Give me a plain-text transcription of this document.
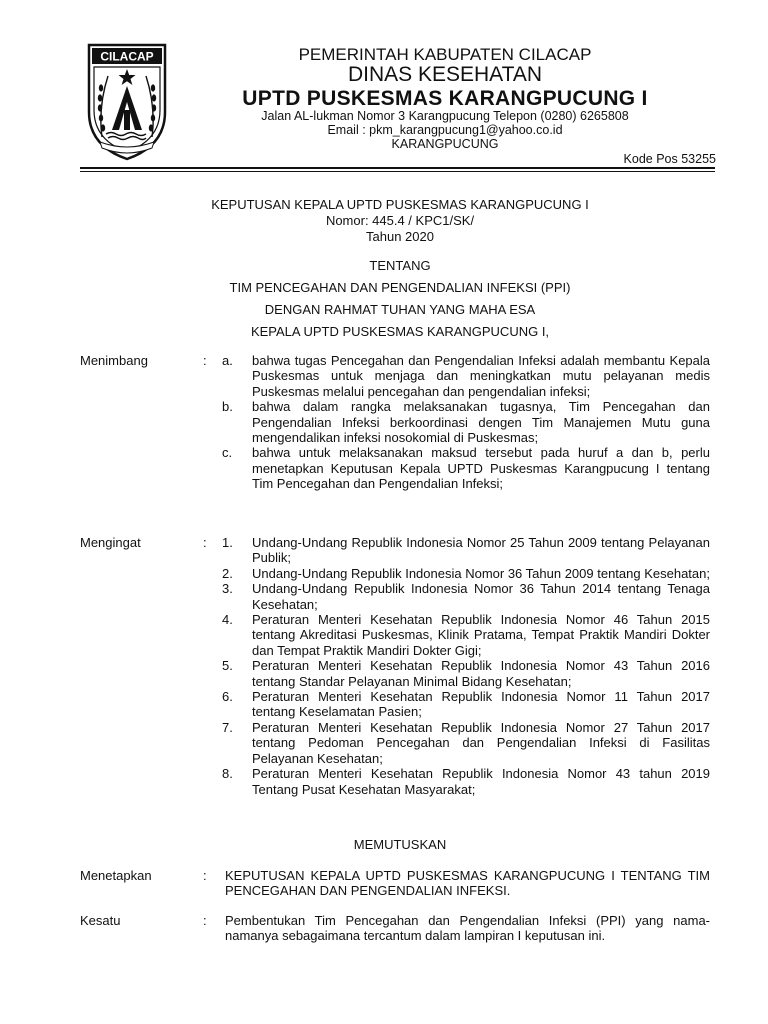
CILACAP	PEMERINTAH KABUPATEN CILACAP
DINAS KESEHATAN
UPTD PUSKESMAS KARANGPUCUNG I
Jalan AL-lukman Nomor 3 Karangpucung Telepon (0280) 6265808
Email : pkm_karangpucung1@yahoo.co.id
KARANGPUCUNG
Kode Pos 53255
KEPUTUSAN KEPALA UPTD PUSKESMAS KARANGPUCUNG I
Nomor: 445.4 / KPC1/SK/
Tahun 2020
TENTANG
TIM PENCEGAHAN DAN PENGENDALIAN INFEKSI (PPI)
DENGAN RAHMAT TUHAN YANG MAHA ESA
KEPALA UPTD PUSKESMAS KARANGPUCUNG I,
Menimbang	: a.	bahwa tugas Pencegahan dan Pengendalian Infeksi adalah membantu Kepala Puskesmas untuk menjaga dan meningkatkan mutu pelayanan medis Puskesmas melalui pencegahan dan pengendalian infeksi;
b.	bahwa dalam rangka melaksanakan tugasnya, Tim Pencegahan dan Pengendalian Infeksi berkoordinasi dengen Tim Manajemen Mutu guna mengendalikan infeksi nosokomial di Puskesmas;
c.	bahwa untuk melaksanakan maksud tersebut pada huruf a dan b, perlu menetapkan Keputusan Kepala UPTD Puskesmas Karangpucung I tentang Tim Pencegahan dan Pengendalian Infeksi;
Mengingat	: 1.	Undang-Undang Republik Indonesia Nomor 25 Tahun 2009 tentang Pelayanan Publik;
2.	Undang-Undang Republik Indonesia Nomor 36 Tahun 2009 tentang Kesehatan;
3.	Undang-Undang Republik Indonesia Nomor 36 Tahun 2014 tentang Tenaga Kesehatan;
4.	Peraturan Menteri Kesehatan Republik Indonesia Nomor 46 Tahun 2015 tentang Akreditasi Puskesmas, Klinik Pratama, Tempat Praktik Mandiri Dokter dan Tempat Praktik Mandiri Dokter Gigi;
5.	Peraturan Menteri Kesehatan Republik Indonesia Nomor 43 Tahun 2016 tentang Standar Pelayanan Minimal Bidang Kesehatan;
6.	Peraturan Menteri Kesehatan Republik Indonesia Nomor 11 Tahun 2017 tentang Keselamatan Pasien;
7.	Peraturan Menteri Kesehatan Republik Indonesia Nomor 27 Tahun 2017 tentang Pedoman Pencegahan dan Pengendalian Infeksi di Fasilitas Pelayanan Kesehatan;
8.	Peraturan Menteri Kesehatan Republik Indonesia Nomor 43 tahun 2019 Tentang Pusat Kesehatan Masyarakat;
MEMUTUSKAN
Menetapkan	: KEPUTUSAN KEPALA UPTD PUSKESMAS KARANGPUCUNG I TENTANG TIM PENCEGAHAN DAN PENGENDALIAN INFEKSI.
Kesatu	: Pembentukan Tim Pencegahan dan Pengendalian Infeksi (PPI) yang nama-namanya sebagaimana tercantum dalam lampiran I keputusan ini.
